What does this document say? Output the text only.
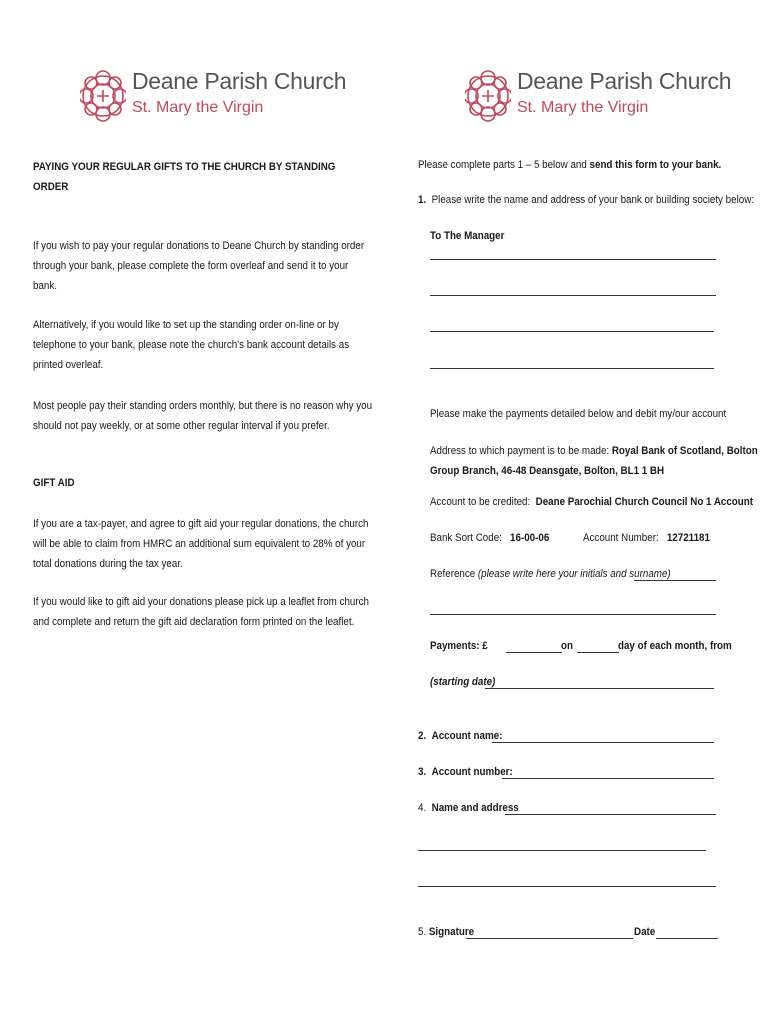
Deane Parish Church
St. Mary the Virgin
Deane Parish Church
St. Mary the Virgin
PAYING YOUR REGULAR GIFTS TO THE CHURCH BY STANDING
ORDER
If you wish to pay your regular donations to Deane Church by standing order
through your bank, please complete the form overleaf and send it to your
bank.
Alternatively, if you would like to set up the standing order on-line or by
telephone to your bank, please note the church's bank account details as
printed overleaf.
Most people pay their standing orders monthly, but there is no reason why you
should not pay weekly, or at some other regular interval if you prefer.
GIFT AID
If you are a tax-payer, and agree to gift aid your regular donations, the church
will be able to claim from HMRC an additional sum equivalent to 28% of your
total donations during the tax year.
If you would like to gift aid your donations please pick up a leaflet from church
and complete and return the gift aid declaration form printed on the leaflet.
Please complete parts 1 – 5 below and send this form to your bank.
1. Please write the name and address of your bank or building society below:
To The Manager
Please make the payments detailed below and debit my/our account
Address to which payment is to be made: Royal Bank of Scotland, Bolton
Group Branch, 46-48 Deansgate, Bolton, BL1 1 BH
Account to be credited:  Deane Parochial Church Council No 1 Account
Bank Sort Code:   16-00-06	Account Number:   12721181
Reference (please write here your initials and surname)
Payments: £	on	day of each month, from
(starting date)
2. Account name:
3. Account number:
4. Name and address
5. Signature	Date
